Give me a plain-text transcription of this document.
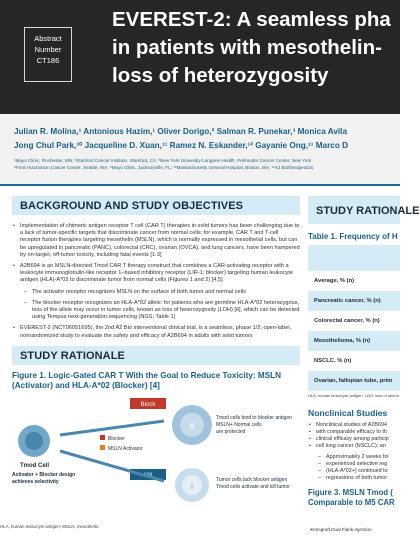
Abstract
Number
CT186
EVEREST-2: A seamless pha
in patients with mesothelin-
loss of heterozygosity
Julian R. Molina,¹ Antonious Hazim,¹ Oliver Dorigo,² Salman R. Punekar,³ Monica Avila
Jong Chul Park,¹⁰ Jacqueline D. Xuan,¹¹ Ramez N. Eskander,¹² Gayanie Ong,¹¹ Marco D
¹Mayo Clinic, Rochester, MN; ²Stanford Cancer Institute, Stanford, CA; ³New York University Langone Health, Perlmutter Cancer Center, New York
⁸Fred Hutchinson Cancer Center, Seattle, WA; ⁹Mayo Clinic, Jacksonville, FL; ¹⁰Massachusetts General Hospital, Boston, MA; ¹¹A2 Biotherapeutics
BACKGROUND AND STUDY OBJECTIVES
• Implementation of chimeric antigen receptor T cell (CAR T) therapies in solid tumors has been challenging due to a lack of tumor-specific targets that discriminate cancer from normal cells; for example, CAR T and T-cell receptor fusion therapies targeting mesothelin (MSLN), which is normally expressed in mesothelial cells, but can be upregulated in pancreatic (PANC), colorectal (CRC), ovarian (OVCA), and lung cancers, have been hampered by on-target, off-tumor toxicity, including fatal events [1-3]
• A2B694 is an MSLN-directed Tmod CAR T therapy construct that combines a CAR-activating receptor with a leukocyte immunoglobulin-like receptor 1–based inhibitory receptor (LIR-1; blocker) targeting human leukocyte antigen (HLA)-A*02 to discriminate tumor from normal cells (Figures 1 and 2) [4,5]
– The activator receptor recognizes MSLN on the surface of both tumor and normal cells
– The blocker receptor recognizes an HLA-A*02 allele: for patients who are germline HLA-A*02 heterozygous, loss of the allele may occur in tumor cells, known as loss of heterozygosity (LOH) [6], which can be detected using Tempus next-generation sequencing (NGS; Table 1)
• EVEREST-2 (NCT06051695), the 2nd A2 Bio interventional clinical trial, is a seamless, phase 1/2, open-label, nonrandomized study to evaluate the safety and efficacy of A2B694 in adults with solid tumors
STUDY RATIONALE
Figure 1. Logic-Gated CAR T With the Goal to Reduce Toxicity: MSLN (Activator) and HLA-A*02 (Blocker) [4]
Block
ii
i
Blocker
MSLN Activator
Tmod Cell
Activator + Blocker design
achieves selectivity
Tmod cells bind to blocker antigen
MSLN+ Normal cells
are protected
Tumor cells lack blocker antigen
Tmod cells activate and kill tumor
HLA, human leukocyte antigen; MSLN, mesothelin.
STUDY RATIONALE
Table 1. Frequency of H
Average, % (n)
Pancreatic cancer, % (n)
Colorectal cancer, % (n)
Mesothelioma, % (n)
NSCLC, % (n)
Ovarian, fallopian tube, prim
HLA, human leukocyte antigen; LOH, loss of hetero
Nonclinical Studies
• Nonclinical studies of A2B694
• with comparable efficacy to th
• clinical efficacy among particip
• cell lung cancer (NSCLC); an
– Approximately 2 weeks fol
– experienced selective reg
– (HLA-A*02+) continued to
– regressions of both tumor
Figure 3. MSLN Tmod (
Comparable to M5 CAR
Xenograft Dual Flank Injection
